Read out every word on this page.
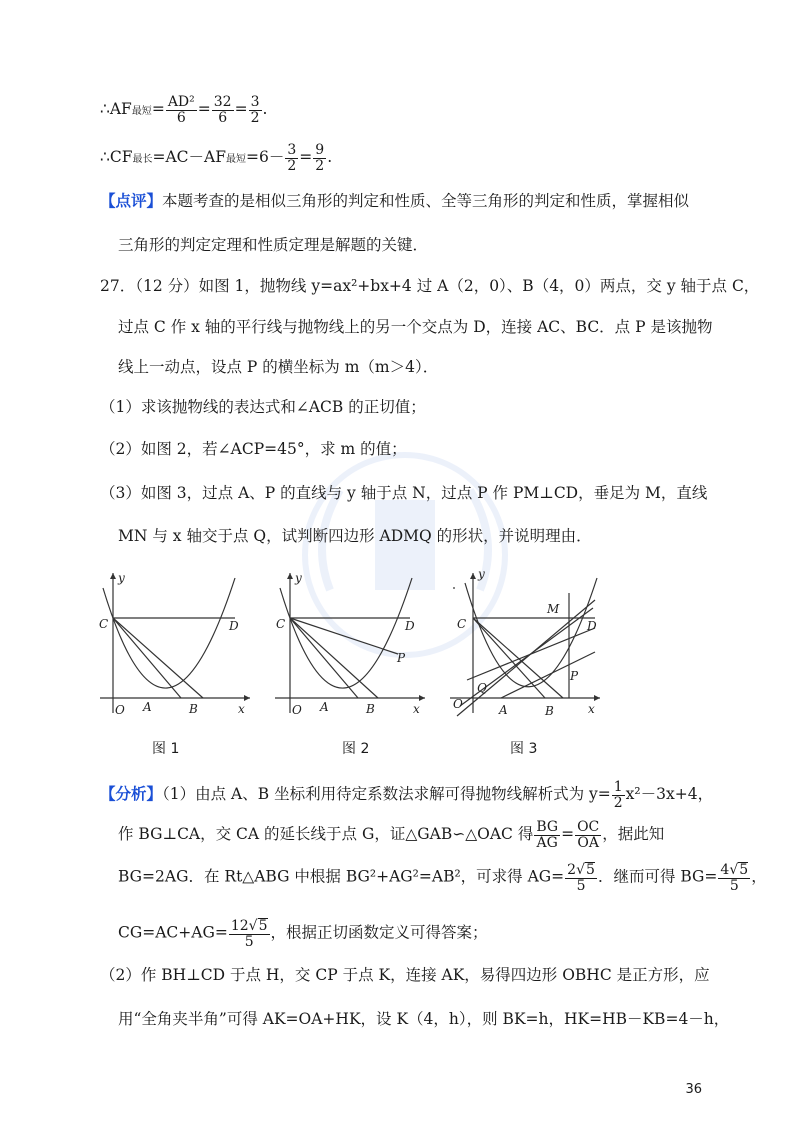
∴AF最短= $\frac{\text{AD²}}{6} = \frac{32}{6} = \frac{3}{2}$ .
∴CF最长=AC－AF最短$=6- \frac{3}{2} = \frac{9}{2}$ .
【点评】本题考查的是相似三角形的判定和性质、全等三角形的判定和性质，掌握相似
三角形的判定定理和性质定理是解题的关键．
27．（12 分）如图 1，抛物线 y=ax²+bx+4 过 A（2，0）、B（4，0）两点，交 y 轴于点 C，
过点 C 作 x 轴的平行线与抛物线上的另一个交点为 D，连接 AC、BC．点 P 是该抛物
线上一动点，设点 P 的横坐标为 m（m＞4）．
（1）求该抛物线的表达式和∠ACB 的正切值；
（2）如图 2，若∠ACP=45°，求 m 的值；
（3）如图 3，过点 A、P 的直线与 y 轴于点 N，过点 P 作 PM⊥CD，垂足为 M，直线
MN 与 x 轴交于点 Q，试判断四边形 ADMQ 的形状，并说明理由．
y
x
C	D
O A	B
图 1
y
x
C	D
P
O A	B
图 2
y
x
C	D
M
P
Q
O	A	B
图 3
【分析】（1）由点 A、B 坐标利用待定系数法求解可得抛物线解析式为 $y= \frac{1}{2} x^2-3x+4$，
作 BG⊥CA，交 CA 的延长线于点 G，证△GAB∽△OAC 得 $\frac{BG}{AG} = \frac{OC}{OA}$ ，据此知
BG=2AG．在 Rt△ABG 中根据 BG²+AG²=AB²，可求得 $AG= \frac{2√5}{5}$ ．继而可得 $BG= \frac{4√5}{5}$ ，
$CG=AC+AG= \frac{12√5}{5}$ ，根据正切函数定义可得答案；
（2）作 BH⊥CD 于点 H，交 CP 于点 K，连接 AK，易得四边形 OBHC 是正方形，应
用“全角夹半角”可得 AK=OA+HK，设 K（4，h），则 BK=h，HK=HB－KB=4－h，
36
